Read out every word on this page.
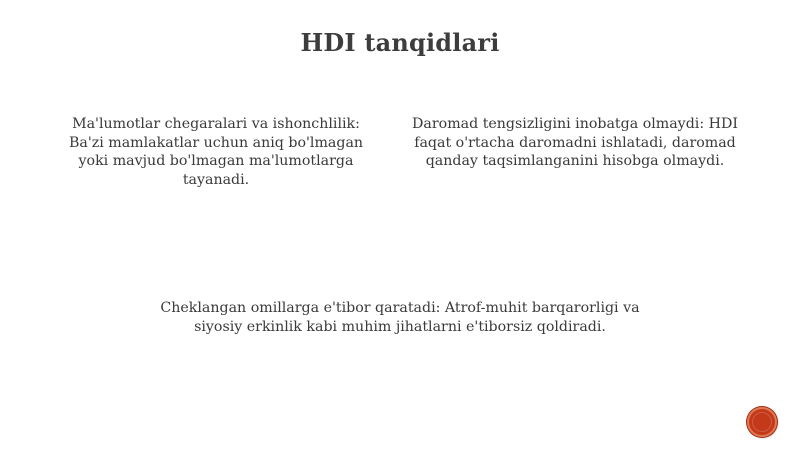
HDI tanqidlari
Ma'lumotlar chegaralari va ishonchlilik: Ba'zi mamlakatlar uchun aniq bo'lmagan yoki mavjud bo'lmagan ma'lumotlarga tayanadi.
Daromad tengsizligini inobatga olmaydi: HDI faqat o'rtacha daromadni ishlatadi, daromad qanday taqsimlanganini hisobga olmaydi.
Cheklangan omillarga e'tibor qaratadi: Atrof-muhit barqarorligi va siyosiy erkinlik kabi muhim jihatlarni e'tiborsiz qoldiradi.
